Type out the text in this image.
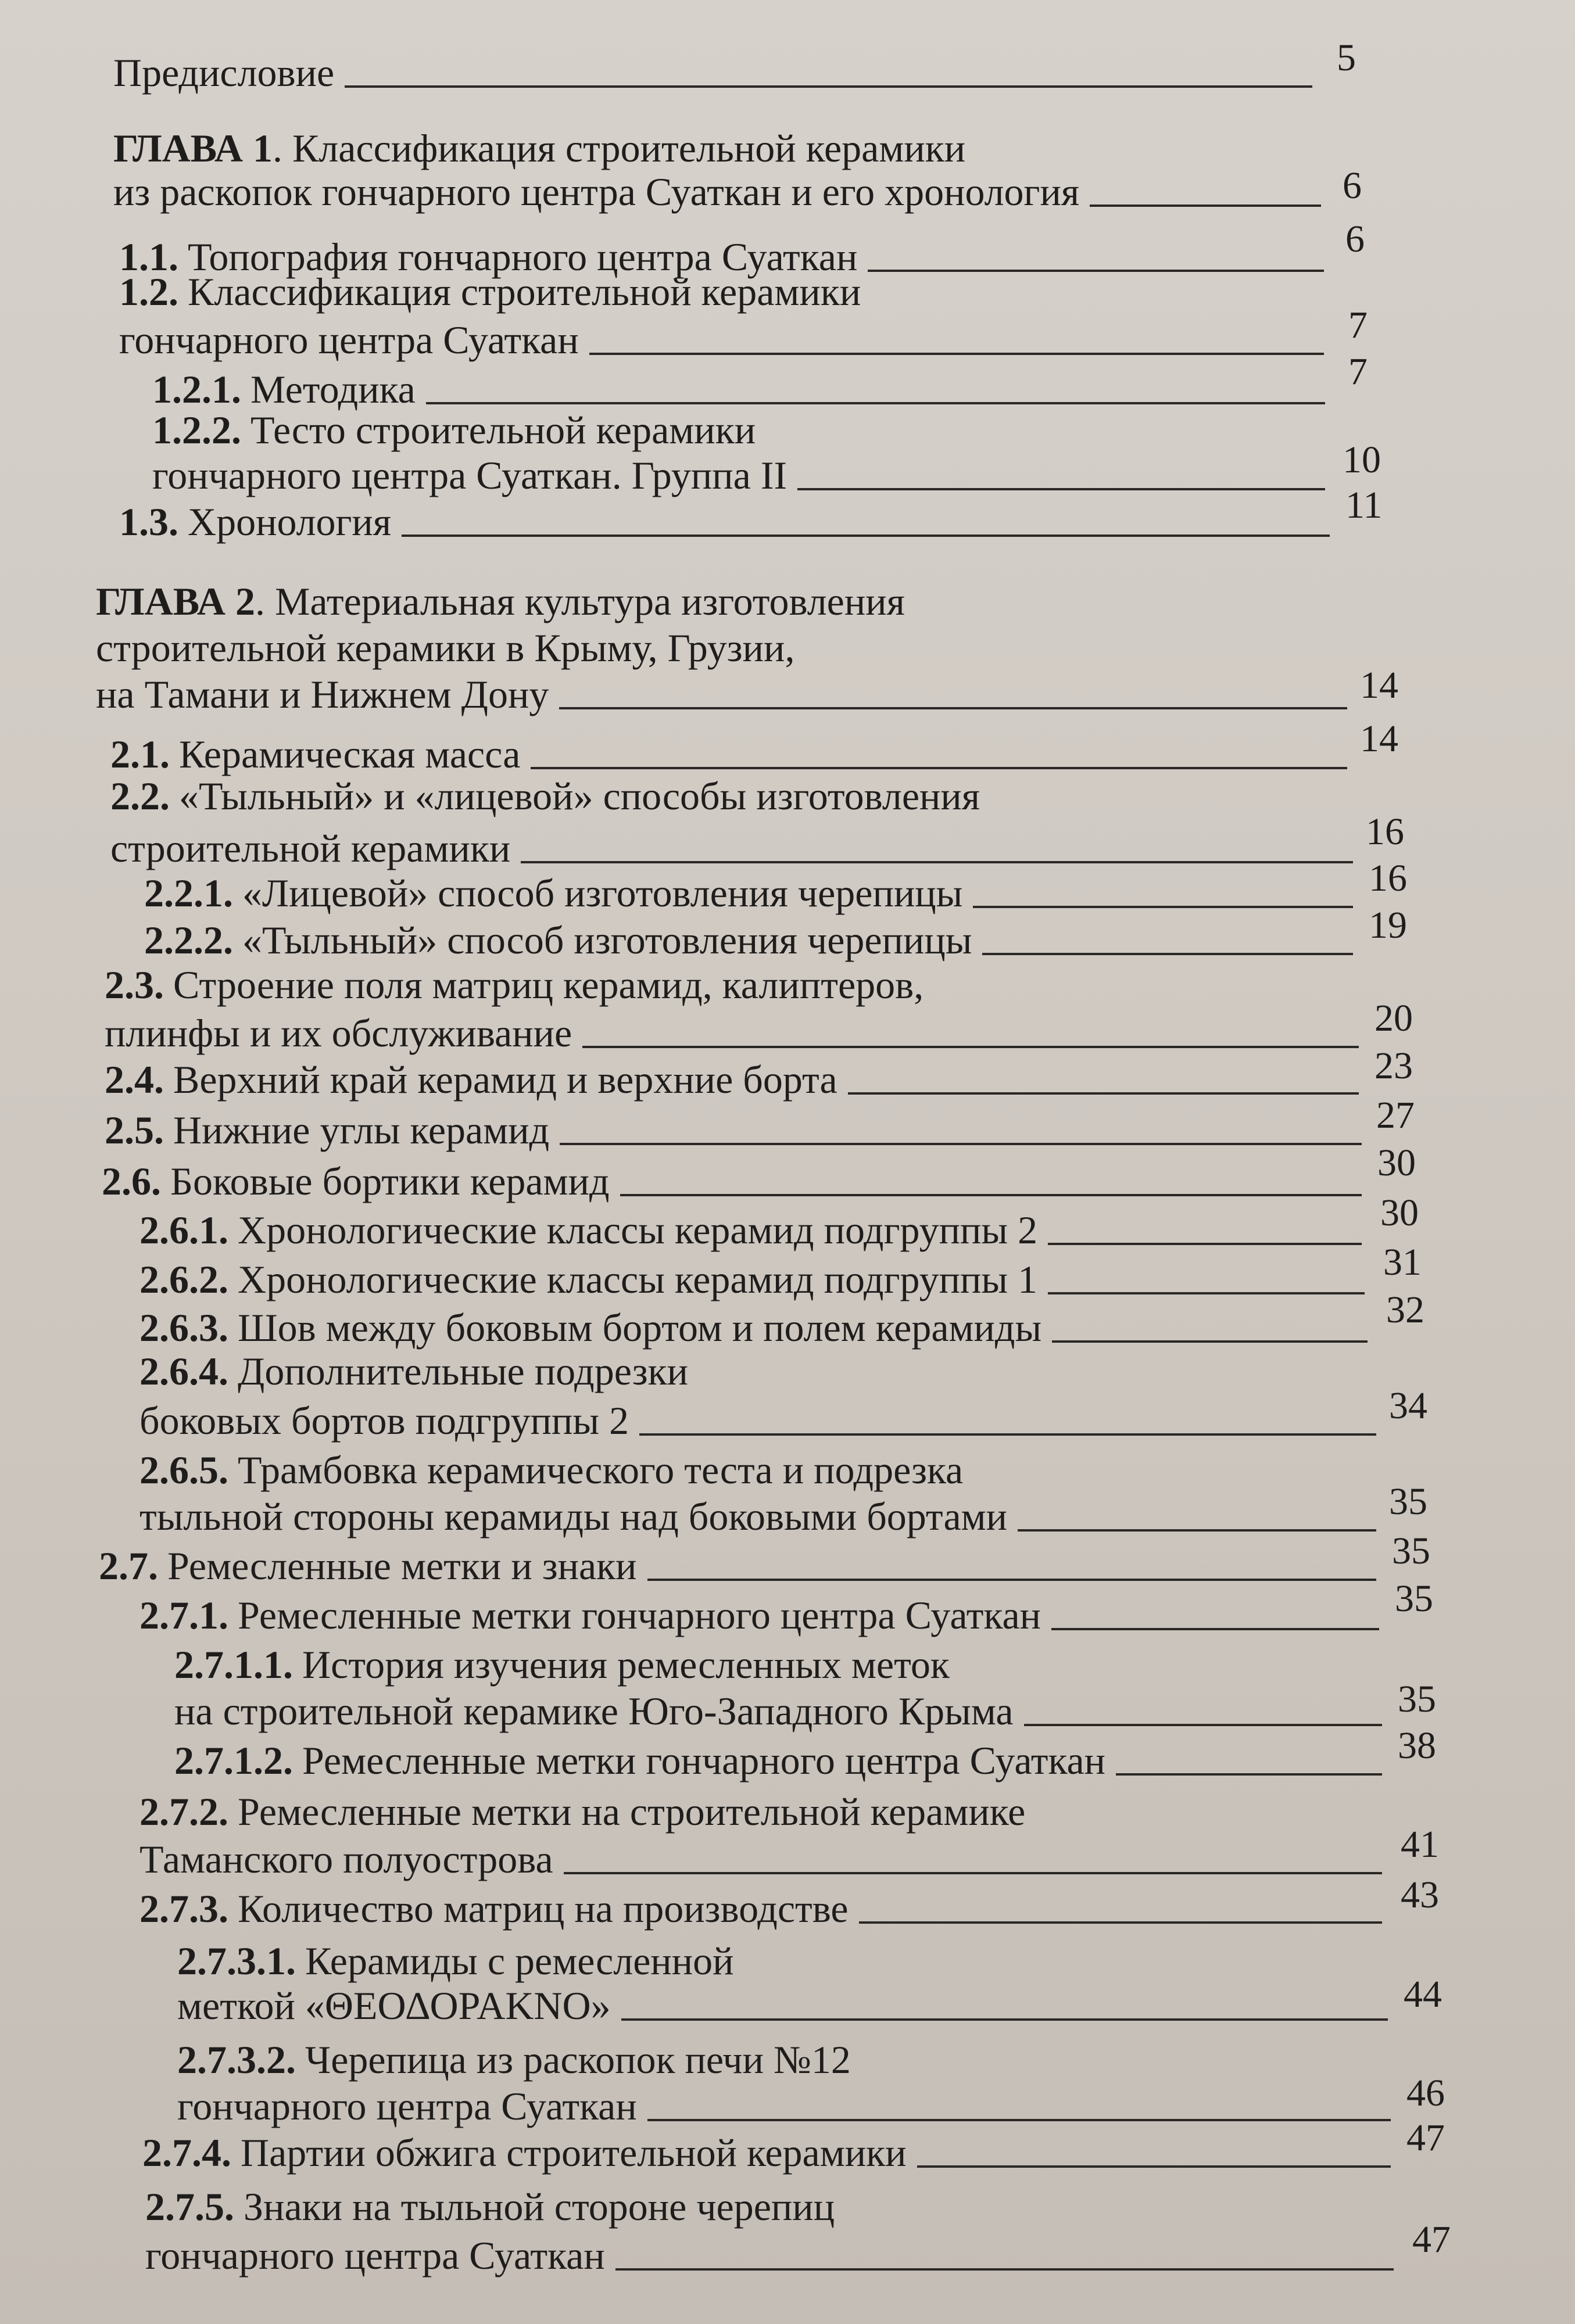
Предисловие	5
ГЛАВА 1 . Классификация строительной керамики
из раскопок гончарного центра Суаткан и его хронология	6
1.1. Топография гончарного центра Суаткан	6
1.2. Классификация строительной керамики
гончарного центра Суаткан	7
1.2.1. Методика	7
1.2.2. Тесто строительной керамики
гончарного центра Суаткан. Группа II	10
1.3. Хронология	11
ГЛАВА 2 . Материальная культура изготовления
строительной керамики в Крыму, Грузии,
на Тамани и Нижнем Дону	14
2.1. Керамическая масса	14
2.2. «Тыльный» и «лицевой» способы изготовления
строительной керамики	16
2.2.1. «Лицевой» способ изготовления черепицы	16
2.2.2. «Тыльный» способ изготовления черепицы	19
2.3. Строение поля матриц керамид, калиптеров,
плинфы и их обслуживание	20
2.4. Верхний край керамид и верхние борта	23
2.5. Нижние углы керамид	27
2.6. Боковые бортики керамид	30
2.6.1. Хронологические классы керамид подгруппы 2	30
2.6.2. Хронологические классы керамид подгруппы 1	31
2.6.3. Шов между боковым бортом и полем керамиды	32
2.6.4. Дополнительные подрезки
боковых бортов подгруппы 2	34
2.6.5. Трамбовка керамического теста и подрезка
тыльной стороны керамиды над боковыми бортами	35
2.7. Ремесленные метки и знаки	35
2.7.1. Ремесленные метки гончарного центра Суаткан	35
2.7.1.1. История изучения ремесленных меток
на строительной керамике Юго-Западного Крыма	35
2.7.1.2. Ремесленные метки гончарного центра Суаткан	38
2.7.2. Ремесленные метки на строительной керамике
Таманского полуострова	41
2.7.3. Количество матриц на производстве	43
2.7.3.1. Керамиды с ремесленной
меткой «ΘΕΟΔΟΡΑΚΝΟ»	44
2.7.3.2. Черепица из раскопок печи №12
гончарного центра Суаткан	46
2.7.4. Партии обжига строительной керамики	47
2.7.5. Знаки на тыльной стороне черепиц
гончарного центра Суаткан	47
